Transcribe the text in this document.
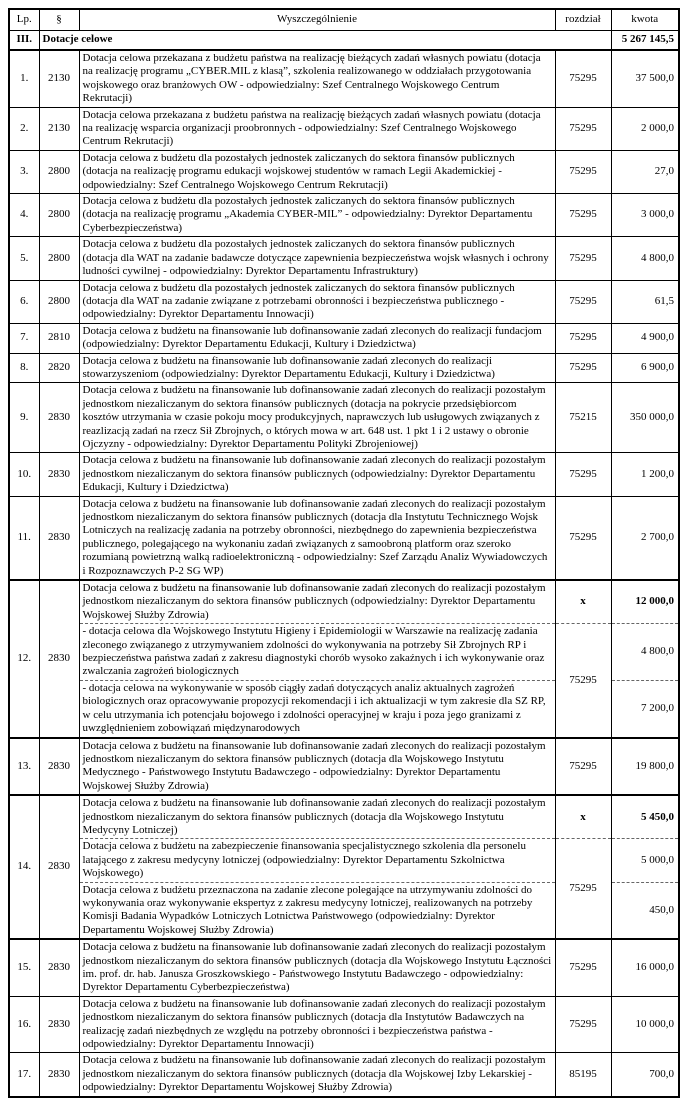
Lp.	§	Wyszczególnienie	rozdział	kwota
III.	Dotacje celowe			5 267 145,5
1.	2130	Dotacja celowa przekazana z budżetu państwa na realizację bieżących zadań własnych powiatu (dotacja na realizację programu „CYBER.MIL z klasą”, szkolenia realizowanego w oddziałach przygotowania wojskowego oraz branżowych OW - odpowiedzialny: Szef Centralnego Wojskowego Centrum Rekrutacji)	75295	37 500,0
2.	2130	Dotacja celowa przekazana z budżetu państwa na realizację bieżących zadań własnych powiatu (dotacja na realizację wsparcia organizacji proobronnych - odpowiedzialny: Szef Centralnego Wojskowego Centrum Rekrutacji)	75295	2 000,0
3.	2800	Dotacja celowa z budżetu dla pozostałych jednostek zaliczanych do sektora finansów publicznych (dotacja na realizację programu edukacji wojskowej studentów w ramach Legii Akademickiej - odpowiedzialny: Szef Centralnego Wojskowego Centrum Rekrutacji)	75295	27,0
4.	2800	Dotacja celowa z budżetu dla pozostałych jednostek zaliczanych do sektora finansów publicznych (dotacja na realizację programu „Akademia CYBER-MIL” - odpowiedzialny: Dyrektor Departamentu Cyberbezpieczeństwa)	75295	3 000,0
5.	2800	Dotacja celowa z budżetu dla pozostałych jednostek zaliczanych do sektora finansów publicznych (dotacja dla WAT na zadanie badawcze dotyczące zapewnienia bezpieczeństwa wojsk własnych i ochrony ludności cywilnej - odpowiedzialny: Dyrektor Departamentu Infrastruktury)	75295	4 800,0
6.	2800	Dotacja celowa z budżetu dla pozostałych jednostek zaliczanych do sektora finansów publicznych (dotacja dla WAT na zadanie związane z potrzebami obronności i bezpieczeństwa publicznego - odpowiedzialny: Dyrektor Departamentu Innowacji)	75295	61,5
7.	2810	Dotacja celowa z budżetu na finansowanie lub dofinansowanie zadań zleconych do realizacji fundacjom (odpowiedzialny: Dyrektor Departamentu Edukacji, Kultury i Dziedzictwa)	75295	4 900,0
8.	2820	Dotacja celowa z budżetu na finansowanie lub dofinansowanie zadań zleconych do realizacji stowarzyszeniom (odpowiedzialny: Dyrektor Departamentu Edukacji, Kultury i Dziedzictwa)	75295	6 900,0
9.	2830	Dotacja celowa z budżetu na finansowanie lub dofinansowanie zadań zleconych do realizacji pozostałym jednostkom niezaliczanym do sektora finansów publicznych (dotacja na pokrycie przedsiębiorcom kosztów utrzymania w czasie pokoju mocy produkcyjnych, naprawczych lub usługowych związanych z reazlizacją zadań na rzecz Sił Zbrojnych, o których mowa w art. 648 ust. 1 pkt 1 i 2 ustawy o obronie Ojczyzny - odpowiedzialny: Dyrektor Departamentu Polityki Zbrojeniowej)	75215	350 000,0
10.	2830	Dotacja celowa z budżetu na finansowanie lub dofinansowanie zadań zleconych do realizacji pozostałym jednostkom niezaliczanym do sektora finansów publicznych (odpowiedzialny: Dyrektor Departamentu Edukacji, Kultury i Dziedzictwa)	75295	1 200,0
11.	2830	Dotacja celowa z budżetu na finansowanie lub dofinansowanie zadań zleconych do realizacji pozostałym jednostkom niezaliczanym do sektora finansów publicznych (dotacja dla Instytutu Technicznego Wojsk Lotniczych na realizację zadania na potrzeby obronności, niezbędnego do zapewnienia bezpieczeństwa publicznego, polegającego na wykonaniu zadań związanych z samoobroną platform oraz szeroko rozumianą powietrzną walką radioelektroniczną - odpowiedzialny: Szef Zarządu Analiz Wywiadowczych i Rozpoznawczych P-2 SG WP)	75295	2 700,0
12.	2830	Dotacja celowa z budżetu na finansowanie lub dofinansowanie zadań zleconych do realizacji pozostałym jednostkom niezaliczanym do sektora finansów publicznych (odpowiedzialny: Dyrektor Departamentu Wojskowej Służby Zdrowia)	x	12 000,0
		- dotacja celowa dla Wojskowego Instytutu Higieny i Epidemiologii w Warszawie na realizację zadania zleconego związanego z utrzymywaniem zdolności do wykonywania na potrzeby Sił Zbrojnych RP i bezpieczeństwa państwa zadań z zakresu diagnostyki chorób wysoko zakaźnych i ich wykonywanie oraz zwalczania zagrożeń biologicznych	75295	4 800,0
		- dotacja celowa na wykonywanie w sposób ciągły zadań dotyczących analiz aktualnych zagrożeń biologicznych oraz opracowywanie propozycji rekomendacji i ich aktualizacji w tym zakresie dla SZ RP, w celu utrzymania ich potencjału bojowego i zdolności operacyjnej w kraju i poza jego granizami z uwzględnieniem zobowiązań międzynarodowych		7 200,0
13.	2830	Dotacja celowa z budżetu na finansowanie lub dofinansowanie zadań zleconych do realizacji pozostałym jednostkom niezaliczanym do sektora finansów publicznych (dotacja dla Wojskowego Instytutu Medycznego - Państwowego Instytutu Badawczego - odpowiedzialny: Dyrektor Departamentu Wojskowej Służby Zdrowia)	75295	19 800,0
14.	2830	Dotacja celowa z budżetu na finansowanie lub dofinansowanie zadań zleconych do realizacji pozostałym jednostkom niezaliczanym do sektora finansów publicznych (dotacja dla Wojskowego Instytutu Medycyny Lotniczej)	x	5 450,0
		Dotacja celowa z budżetu na zabezpieczenie finansowania specjalistycznego szkolenia dla personelu latającego z zakresu medycyny lotniczej (odpowiedzialny: Dyrektor Departamentu Szkolnictwa Wojskowego)	75295	5 000,0
		Dotacja celowa z budżetu przeznaczona na zadanie zlecone polegające na utrzymywaniu zdolności do wykonywania oraz wykonywanie ekspertyz z zakresu medycyny lotniczej, realizowanych na potrzeby Komisji Badania Wypadków Lotniczych Lotnictwa Państwowego (odpowiedzialny: Dyrektor Departamentu Wojskowej Służby Zdrowia)		450,0
15.	2830	Dotacja celowa z budżetu na finansowanie lub dofinansowanie zadań zleconych do realizacji pozostałym jednostkom niezaliczanym do sektora finansów publicznych (dotacja dla Wojskowego Instytutu Łączności im. prof. dr. hab. Janusza Groszkowskiego - Państwowego Instytutu Badawczego - odpowiedzialny: Dyrektor Departamentu Cyberbezpieczeństwa)	75295	16 000,0
16.	2830	Dotacja celowa z budżetu na finansowanie lub dofinansowanie zadań zleconych do realizacji pozostałym jednostkom niezaliczanym do sektora finansów publicznych (dotacja dla Instytutów Badawczych na realizację zadań niezbędnych ze względu na potrzeby obronności i bezpieczeństwa państwa - odpowiedzialny: Dyrektor Departamentu Innowacji)	75295	10 000,0
17.	2830	Dotacja celowa z budżetu na finansowanie lub dofinansowanie zadań zleconych do realizacji pozostałym jednostkom niezaliczanym do sektora finansów publicznych (dotacja dla Wojskowej Izby Lekarskiej - odpowiedzialny: Dyrektor Departamentu Wojskowej Służby Zdrowia)	85195	700,0
